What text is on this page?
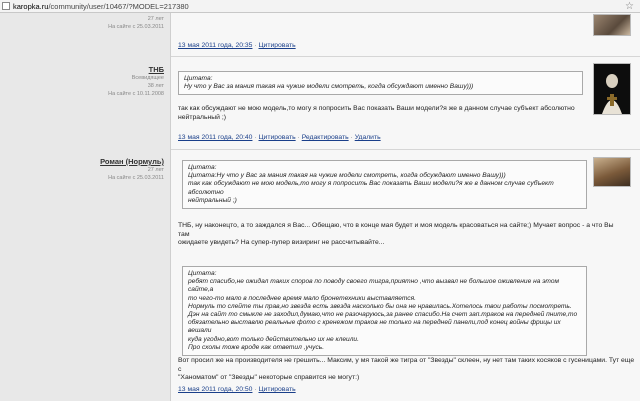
karopka.ru/community/user/10467/?MODEL=217380	☆
27 лет
На сайте с 25.03.2011
13 мая 2011 года, 20:35 · Цитировать
ТНБ
Всевидящее
38 лет
На сайте с 10.11.2008
Цитата:
Ну что у Вас за мания такая на чужие модели смотреть, когда обсуждают именно Вашу)))
так как обсуждают не мою модель,то могу я попросить Вас показать Ваши модели?я же в данном случае субъект абсолютно
нейтральный ;)
13 мая 2011 года, 20:40 · Цитировать · Редактировать · Удалить
Роман (Нормуль)
27 лет
На сайте с 25.03.2011
Цитата:
Цитата:Ну что у Вас за мания такая на чужие модели смотреть, когда обсуждают именно Вашу)))
так как обсуждают не мою модель,то могу я попросить Вас показать Ваши модели?я же в данном случае субъект абсолютно
нейтральный ;)
ТНБ, ну наконецто, а то заждался я Вас... Обещаю, что в конце мая будет и моя модель красоваться на сайте;) Мучает вопрос - а что Вы там
ожидаете увидеть? На супер-пупер визиринг не рассчитывайте...
Цитата:
ребят спасибо,не ожидал таких споров по поводу своего тигра,приятно ,что вызвал не большое оживление на этом сайте,а
то чего-то мало в последнее время мало бронетехники выставляется.
Нормуль то слейте ты прав,но звезда есть звезда насколько бы она не нравилась.Хотелось твои работы посмотреть.
Дэн на сайт то смыкле не заходил,думаю,что не разочаруюсь,за ранее спасибо.На счет зап.траков на передней пните,то
обязательно выставлю реальные фото с кренежом траков не только на передней панели,под конец войны фрицы их вешали
куда угодно,вот только действительно их не клеили.
Про схолы тоже вроде как ответил ,учусь.
Вот просил же на производителя не грешить... Максим, у мя такой же тигра от "Звезды" склеен, ну нет там таких косяков с гусеницами. Тут еще с
"Ханоматом" от "Звезды" некоторые справится не могут:)
13 мая 2011 года, 20:50 · Цитировать
